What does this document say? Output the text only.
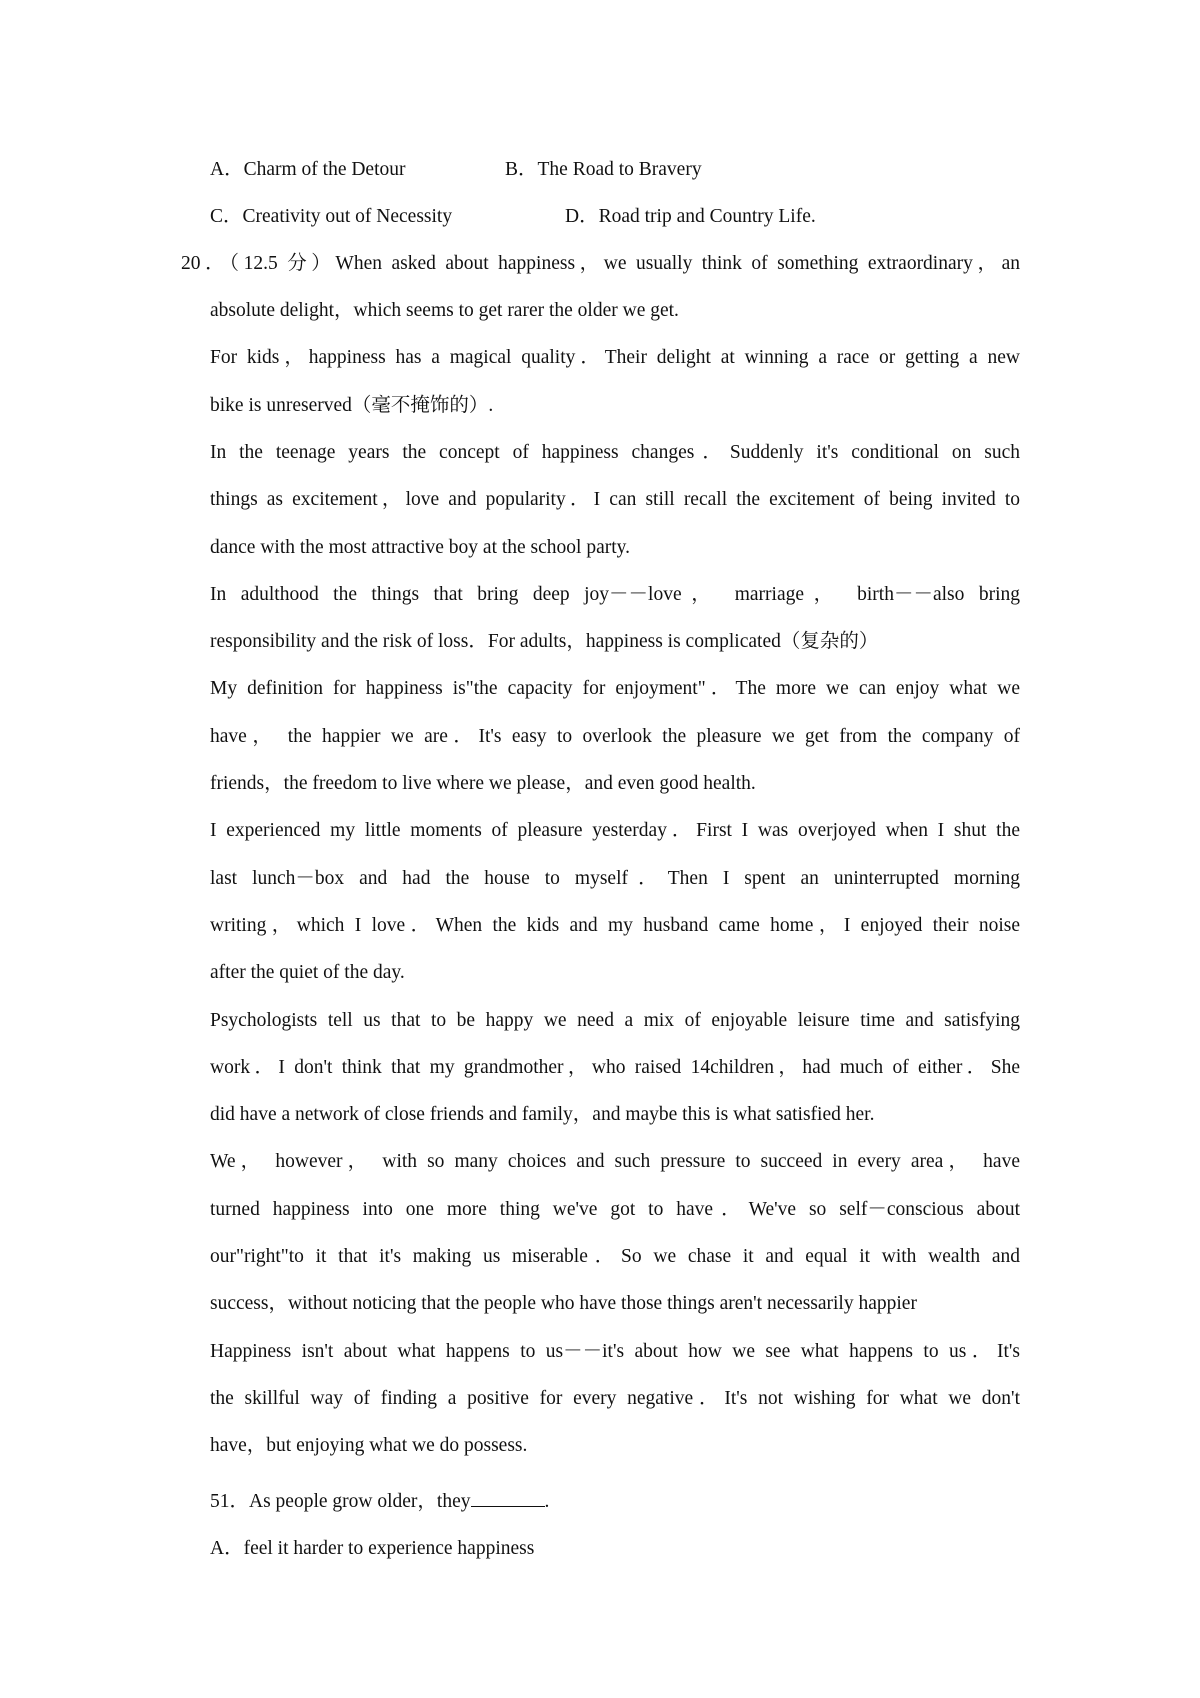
A．Charm of the Detour	B．The Road to Bravery
C．Creativity out of Necessity	D．Road trip and Country Life.
20．（12.5 分）When asked about happiness，we usually think of something extraordinary，an
absolute delight，which seems to get rarer the older we get.
For kids，happiness has a magical quality．Their delight at winning a race or getting a new
bike is unreserved（毫不掩饰的）.
In the teenage years the concept of happiness changes．Suddenly it's conditional on such
things as excitement，love and popularity．I can still recall the excitement of being invited to
dance with the most attractive boy at the school party.
In adulthood the things that bring deep joy－－love， marriage， birth－－also bring
responsibility and the risk of loss．For adults，happiness is complicated（复杂的）
My definition for happiness is"the capacity for enjoyment"．The more we can enjoy what we
have， the happier we are．It's easy to overlook the pleasure we get from the company of
friends，the freedom to live where we please，and even good health.
I experienced my little moments of pleasure yesterday．First I was overjoyed when I shut the
last lunch－box and had the house to myself．Then I spent an uninterrupted morning
writing，which I love．When the kids and my husband came home，I enjoyed their noise
after the quiet of the day.
Psychologists tell us that to be happy we need a mix of enjoyable leisure time and satisfying
work．I don't think that my grandmother，who raised 14children，had much of either．She
did have a network of close friends and family，and maybe this is what satisfied her.
We， however， with so many choices and such pressure to succeed in every area， have
turned happiness into one more thing we've got to have．We've so self－conscious about
our"right"to it that it's making us miserable．So we chase it and equal it with wealth and
success，without noticing that the people who have those things aren't necessarily happier
Happiness isn't about what happens to us－－it's about how we see what happens to us．It's
the skillful way of finding a positive for every negative．It's not wishing for what we don't
have，but enjoying what we do possess.
51．As people grow older，they	.
A．feel it harder to experience happiness
